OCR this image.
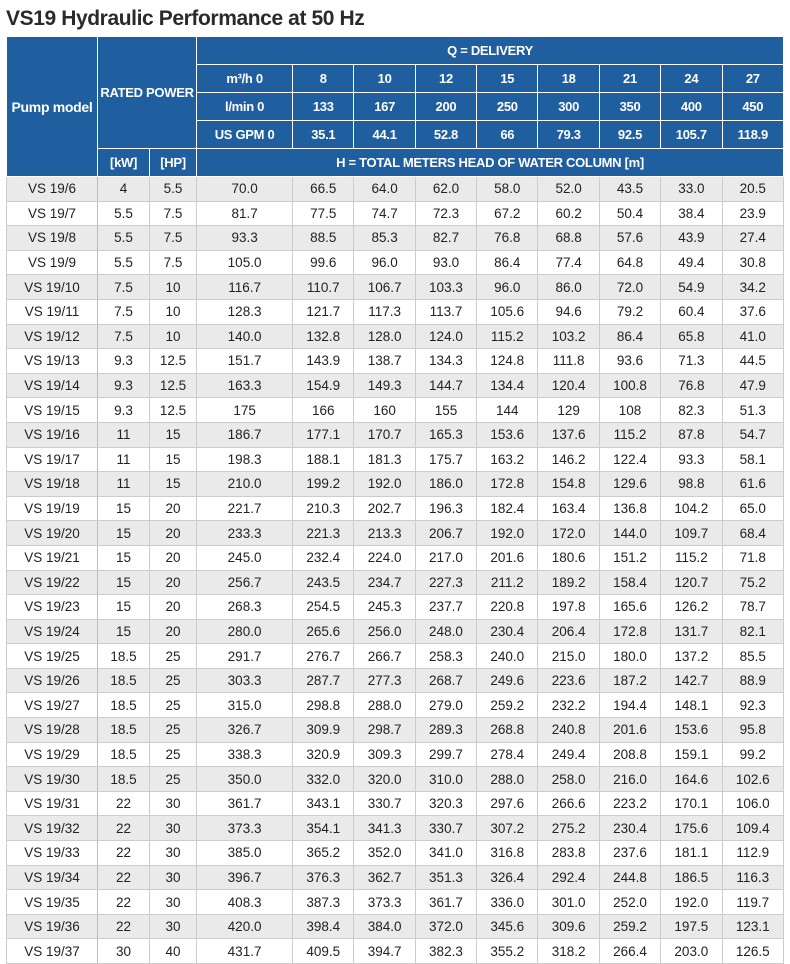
VS19 Hydraulic Performance at 50 Hz
Pump model	RATED POWER		Q = DELIVERY								
			m³/h 0	8	10	12	15	18	21	24	27
			l/min 0	133	167	200	250	300	350	400	450
			US GPM 0	35.1	44.1	52.8	66	79.3	92.5	105.7	118.9
	[kW]	[HP]	H = TOTAL METERS HEAD OF WATER COLUMN [m]								
VS 19/6	4	5.5	70.0	66.5	64.0	62.0	58.0	52.0	43.5	33.0	20.5
VS 19/7	5.5	7.5	81.7	77.5	74.7	72.3	67.2	60.2	50.4	38.4	23.9
VS 19/8	5.5	7.5	93.3	88.5	85.3	82.7	76.8	68.8	57.6	43.9	27.4
VS 19/9	5.5	7.5	105.0	99.6	96.0	93.0	86.4	77.4	64.8	49.4	30.8
VS 19/10	7.5	10	116.7	110.7	106.7	103.3	96.0	86.0	72.0	54.9	34.2
VS 19/11	7.5	10	128.3	121.7	117.3	113.7	105.6	94.6	79.2	60.4	37.6
VS 19/12	7.5	10	140.0	132.8	128.0	124.0	115.2	103.2	86.4	65.8	41.0
VS 19/13	9.3	12.5	151.7	143.9	138.7	134.3	124.8	111.8	93.6	71.3	44.5
VS 19/14	9.3	12.5	163.3	154.9	149.3	144.7	134.4	120.4	100.8	76.8	47.9
VS 19/15	9.3	12.5	175	166	160	155	144	129	108	82.3	51.3
VS 19/16	11	15	186.7	177.1	170.7	165.3	153.6	137.6	115.2	87.8	54.7
VS 19/17	11	15	198.3	188.1	181.3	175.7	163.2	146.2	122.4	93.3	58.1
VS 19/18	11	15	210.0	199.2	192.0	186.0	172.8	154.8	129.6	98.8	61.6
VS 19/19	15	20	221.7	210.3	202.7	196.3	182.4	163.4	136.8	104.2	65.0
VS 19/20	15	20	233.3	221.3	213.3	206.7	192.0	172.0	144.0	109.7	68.4
VS 19/21	15	20	245.0	232.4	224.0	217.0	201.6	180.6	151.2	115.2	71.8
VS 19/22	15	20	256.7	243.5	234.7	227.3	211.2	189.2	158.4	120.7	75.2
VS 19/23	15	20	268.3	254.5	245.3	237.7	220.8	197.8	165.6	126.2	78.7
VS 19/24	15	20	280.0	265.6	256.0	248.0	230.4	206.4	172.8	131.7	82.1
VS 19/25	18.5	25	291.7	276.7	266.7	258.3	240.0	215.0	180.0	137.2	85.5
VS 19/26	18.5	25	303.3	287.7	277.3	268.7	249.6	223.6	187.2	142.7	88.9
VS 19/27	18.5	25	315.0	298.8	288.0	279.0	259.2	232.2	194.4	148.1	92.3
VS 19/28	18.5	25	326.7	309.9	298.7	289.3	268.8	240.8	201.6	153.6	95.8
VS 19/29	18.5	25	338.3	320.9	309.3	299.7	278.4	249.4	208.8	159.1	99.2
VS 19/30	18.5	25	350.0	332.0	320.0	310.0	288.0	258.0	216.0	164.6	102.6
VS 19/31	22	30	361.7	343.1	330.7	320.3	297.6	266.6	223.2	170.1	106.0
VS 19/32	22	30	373.3	354.1	341.3	330.7	307.2	275.2	230.4	175.6	109.4
VS 19/33	22	30	385.0	365.2	352.0	341.0	316.8	283.8	237.6	181.1	112.9
VS 19/34	22	30	396.7	376.3	362.7	351.3	326.4	292.4	244.8	186.5	116.3
VS 19/35	22	30	408.3	387.3	373.3	361.7	336.0	301.0	252.0	192.0	119.7
VS 19/36	22	30	420.0	398.4	384.0	372.0	345.6	309.6	259.2	197.5	123.1
VS 19/37	30	40	431.7	409.5	394.7	382.3	355.2	318.2	266.4	203.0	126.5
